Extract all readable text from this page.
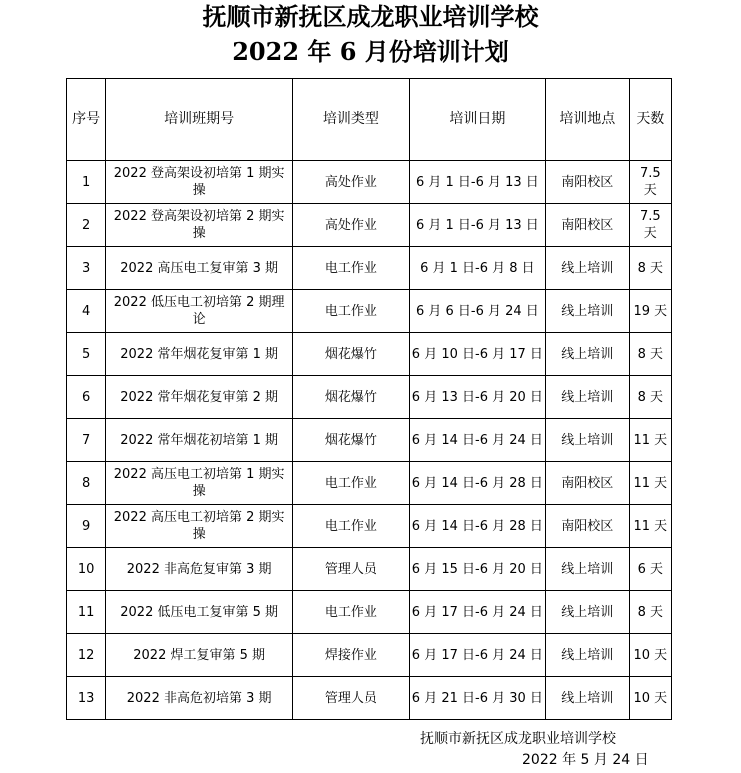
抚顺市新抚区成龙职业培训学校
2022 年 6 月份培训计划
序号	培训班期号	培训类型	培训日期	培训地点	天数
1	2022 登高架设初培第 1 期实操	高处作业	6 月 1 日-6 月 13 日	南阳校区	7.5 天
2	2022 登高架设初培第 2 期实操	高处作业	6 月 1 日-6 月 13 日	南阳校区	7.5 天
3	2022 高压电工复审第 3 期	电工作业	6 月 1 日-6 月 8 日	线上培训	8 天
4	2022 低压电工初培第 2 期理论	电工作业	6 月 6 日-6 月 24 日	线上培训	19 天
5	2022 常年烟花复审第 1 期	烟花爆竹	6 月 10 日-6 月 17 日	线上培训	8 天
6	2022 常年烟花复审第 2 期	烟花爆竹	6 月 13 日-6 月 20 日	线上培训	8 天
7	2022 常年烟花初培第 1 期	烟花爆竹	6 月 14 日-6 月 24 日	线上培训	11 天
8	2022 高压电工初培第 1 期实操	电工作业	6 月 14 日-6 月 28 日	南阳校区	11 天
9	2022 高压电工初培第 2 期实操	电工作业	6 月 14 日-6 月 28 日	南阳校区	11 天
10	2022 非高危复审第 3 期	管理人员	6 月 15 日-6 月 20 日	线上培训	6 天
11	2022 低压电工复审第 5 期	电工作业	6 月 17 日-6 月 24 日	线上培训	8 天
12	2022 焊工复审第 5 期	焊接作业	6 月 17 日-6 月 24 日	线上培训	10 天
13	2022 非高危初培第 3 期	管理人员	6 月 21 日-6 月 30 日	线上培训	10 天
抚顺市新抚区成龙职业培训学校
2022 年 5 月 24 日
